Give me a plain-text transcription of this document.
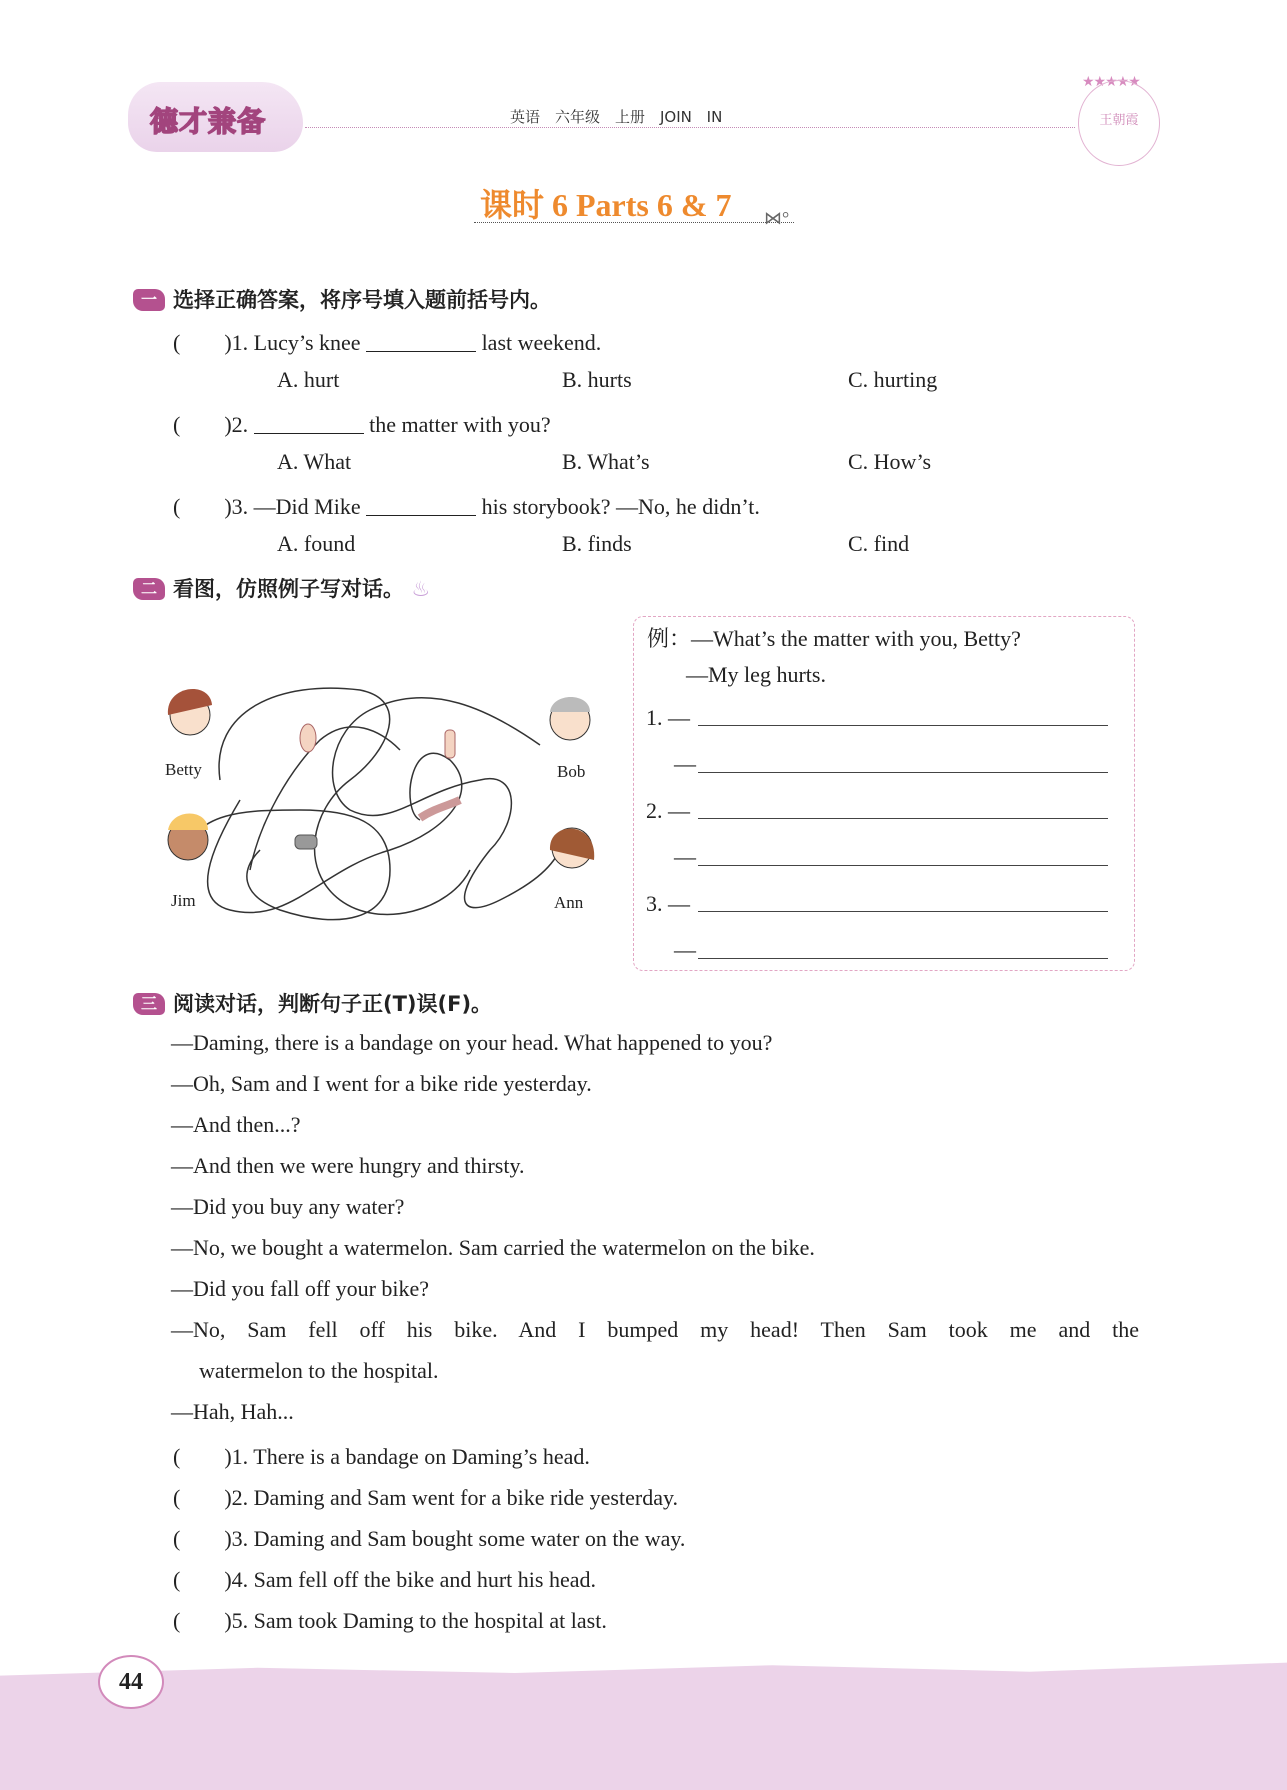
德才兼备	英语　六年级　上册　JOIN IN
★★★★★
王朝霞
课时 6 Parts 6 & 7 ⋈°
一 选择正确答案，将序号填入题前括号内。
(　　)1. Lucy’s knee	last weekend.
A. hurt	B. hurts	C. hurting
(　　)2.	the matter with you?
A. What	B. What’s	C. How’s
(　　)3. —Did Mike	his storybook? —No, he didn’t.
A. found	B. finds	C. find
二 看图，仿照例子写对话。 ♨
Betty	Bob
Jim	Ann
例：—What’s the matter with you, Betty?
—My leg hurts.
1. —
—
2. —
—
3. —
—
三 阅读对话，判断句子正(T)误(F)。
—Daming, there is a bandage on your head. What happened to you?
—Oh, Sam and I went for a bike ride yesterday.
—And then...?
—And then we were hungry and thirsty.
—Did you buy any water?
—No, we bought a watermelon. Sam carried the watermelon on the bike.
—Did you fall off your bike?
—No, Sam fell off his bike. And I bumped my head! Then Sam took me and the
watermelon to the hospital.
—Hah, Hah...
(　　)1. There is a bandage on Daming’s head.
(　　)2. Daming and Sam went for a bike ride yesterday.
(　　)3. Daming and Sam bought some water on the way.
(　　)4. Sam fell off the bike and hurt his head.
(　　)5. Sam took Daming to the hospital at last.
44
